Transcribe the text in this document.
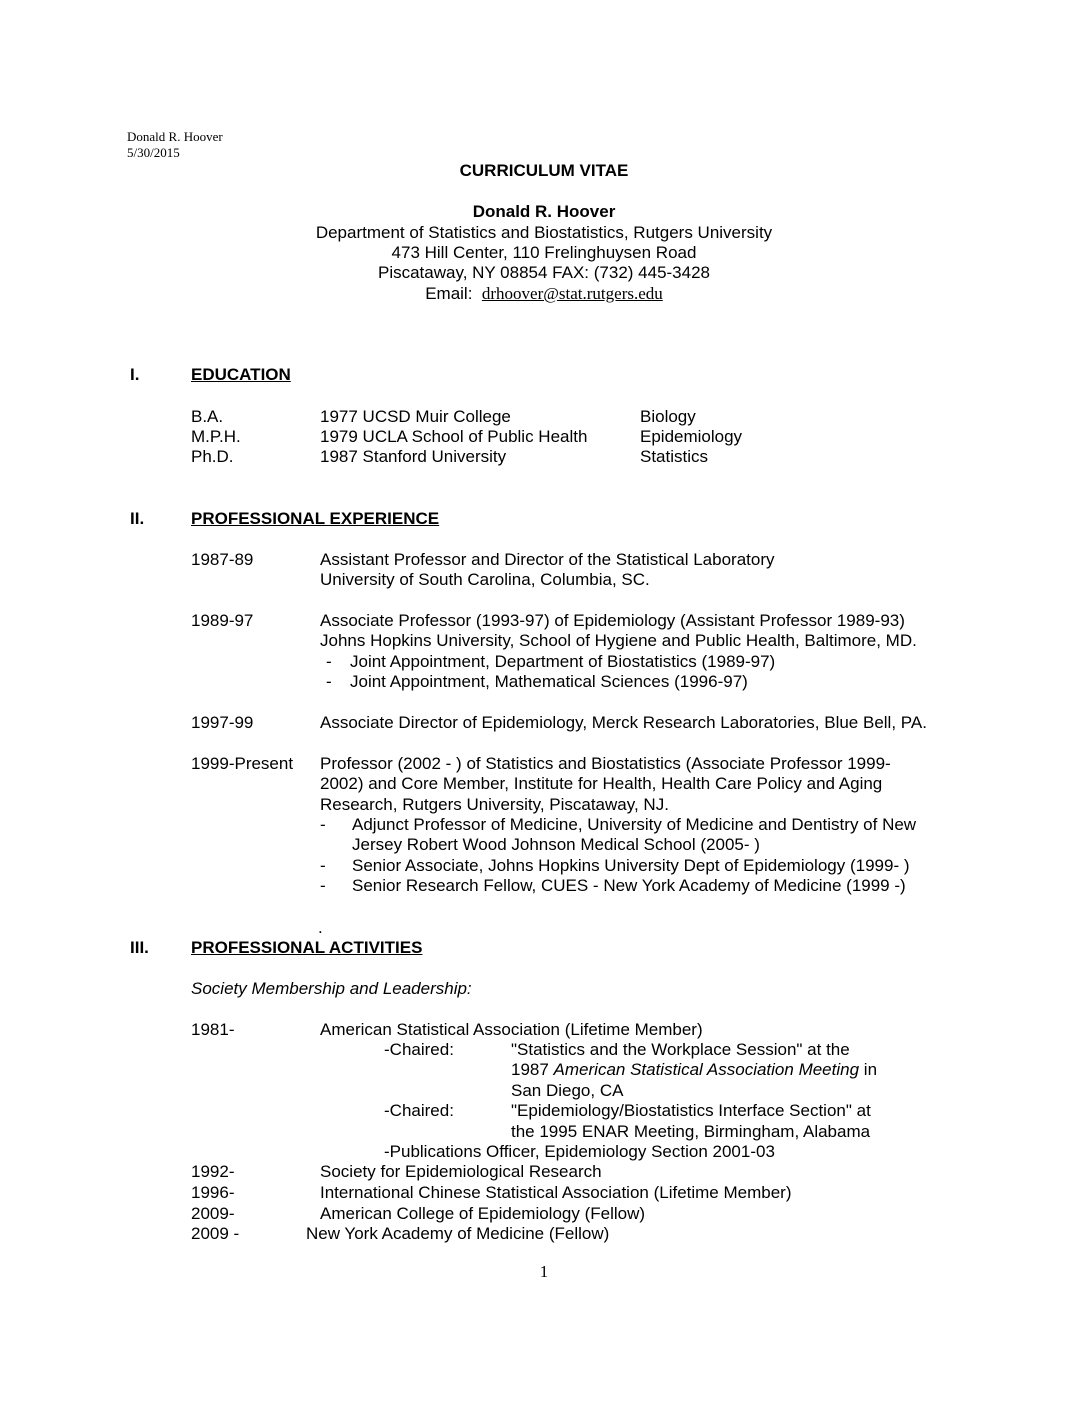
Donald R. Hoover
5/30/2015
CURRICULUM VITAE
Donald R. Hoover
Department of Statistics and Biostatistics, Rutgers University
473 Hill Center, 110 Frelinghuysen Road
Piscataway, NY 08854 FAX: (732) 445-3428
Email: drhoover@stat.rutgers.edu
I.	EDUCATION
B.A.	1977 UCSD Muir College	Biology
M.P.H.	1979 UCLA School of Public Health	Epidemiology
Ph.D.	1987 Stanford University	Statistics
II.	PROFESSIONAL EXPERIENCE
1987-89	Assistant Professor and Director of the Statistical Laboratory
University of South Carolina, Columbia, SC.
1989-97	Associate Professor (1993-97) of Epidemiology (Assistant Professor 1989-93)
Johns Hopkins University, School of Hygiene and Public Health, Baltimore, MD.
- Joint Appointment, Department of Biostatistics (1989-97)
- Joint Appointment, Mathematical Sciences (1996-97)
1997-99	Associate Director of Epidemiology, Merck Research Laboratories, Blue Bell, PA.
1999-Present Professor (2002 - ) of Statistics and Biostatistics (Associate Professor 1999-
2002) and Core Member, Institute for Health, Health Care Policy and Aging
Research, Rutgers University, Piscataway, NJ.
- Adjunct Professor of Medicine, University of Medicine and Dentistry of New
Jersey Robert Wood Johnson Medical School (2005- )
- Senior Associate, Johns Hopkins University Dept of Epidemiology (1999- )
- Senior Research Fellow, CUES - New York Academy of Medicine (1999 -)
.
III. PROFESSIONAL ACTIVITIES
Society Membership and Leadership:
1981-	American Statistical Association (Lifetime Member)
-Chaired:	"Statistics and the Workplace Session" at the
1987 American Statistical Association Meeting in
San Diego, CA
-Chaired:	"Epidemiology/Biostatistics Interface Section" at
the 1995 ENAR Meeting, Birmingham, Alabama
-Publications Officer, Epidemiology Section 2001-03
1992-	Society for Epidemiological Research
1996-	International Chinese Statistical Association (Lifetime Member)
2009-	American College of Epidemiology (Fellow)
2009 -	New York Academy of Medicine (Fellow)
1
